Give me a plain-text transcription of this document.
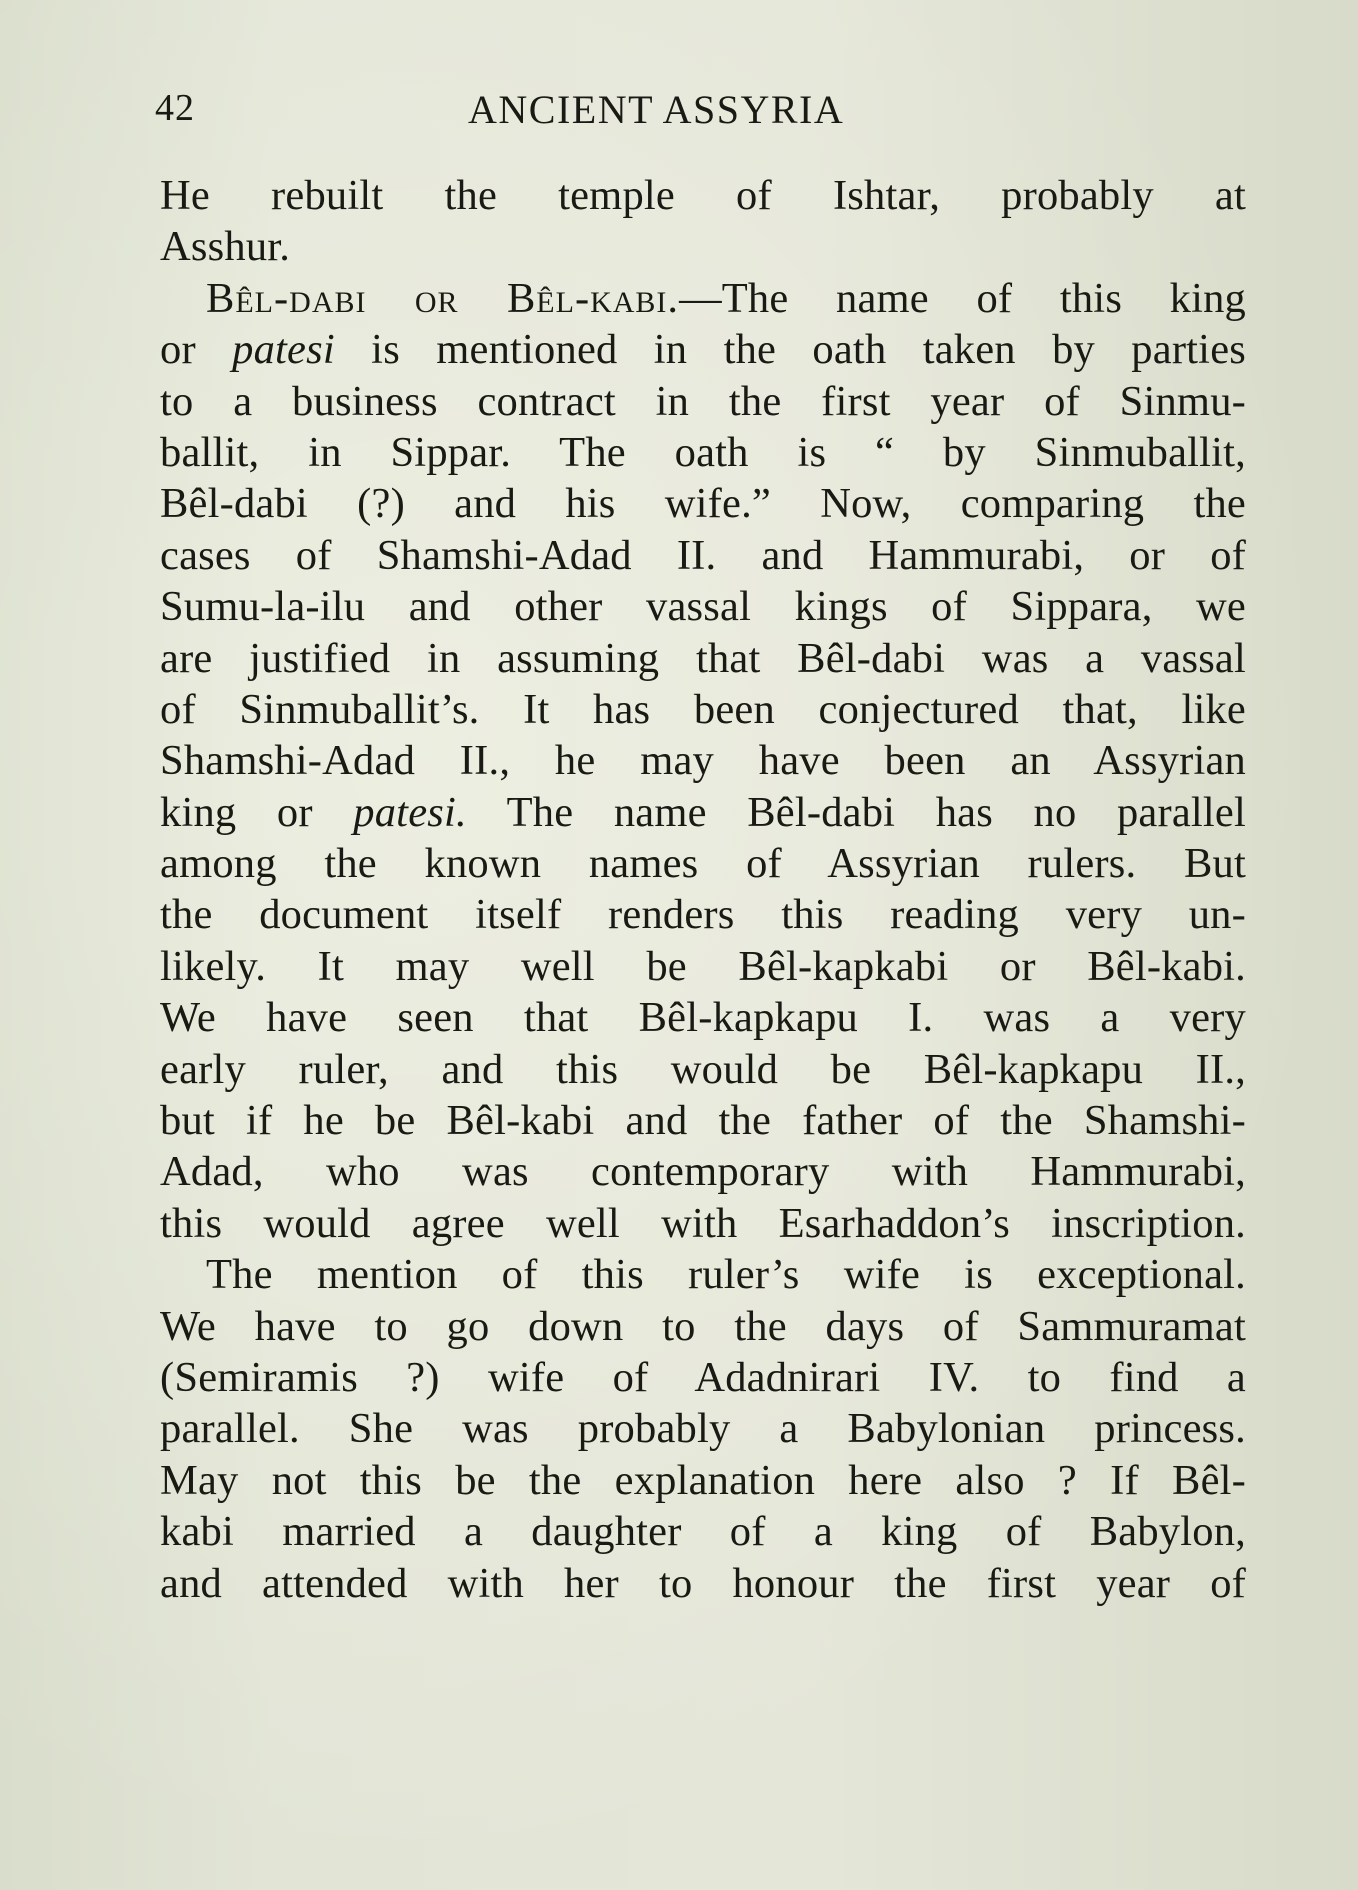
42	ANCIENT ASSYRIA
He rebuilt the temple of Ishtar, probably at
Asshur.
Bêl-dabi or Bêl-kabi.—The name of this king
or patesi is mentioned in the oath taken by parties
to a business contract in the first year of Sinmu-
ballit, in Sippar. The oath is “ by Sinmuballit,
Bêl-dabi (?) and his wife.” Now, comparing the
cases of Shamshi-Adad II. and Hammurabi, or of
Sumu-la-ilu and other vassal kings of Sippara, we
are justified in assuming that Bêl-dabi was a vassal
of Sinmuballit’s. It has been conjectured that, like
Shamshi-Adad II., he may have been an Assyrian
king or patesi. The name Bêl-dabi has no parallel
among the known names of Assyrian rulers. But
the document itself renders this reading very un-
likely. It may well be Bêl-kapkabi or Bêl-kabi.
We have seen that Bêl-kapkapu I. was a very
early ruler, and this would be Bêl-kapkapu II.,
but if he be Bêl-kabi and the father of the Shamshi-
Adad, who was contemporary with Hammurabi,
this would agree well with Esarhaddon’s inscription.
The mention of this ruler’s wife is exceptional.
We have to go down to the days of Sammuramat
(Semiramis ?) wife of Adadnirari IV. to find a
parallel. She was probably a Babylonian princess.
May not this be the explanation here also ? If Bêl-
kabi married a daughter of a king of Babylon,
and attended with her to honour the first year of
